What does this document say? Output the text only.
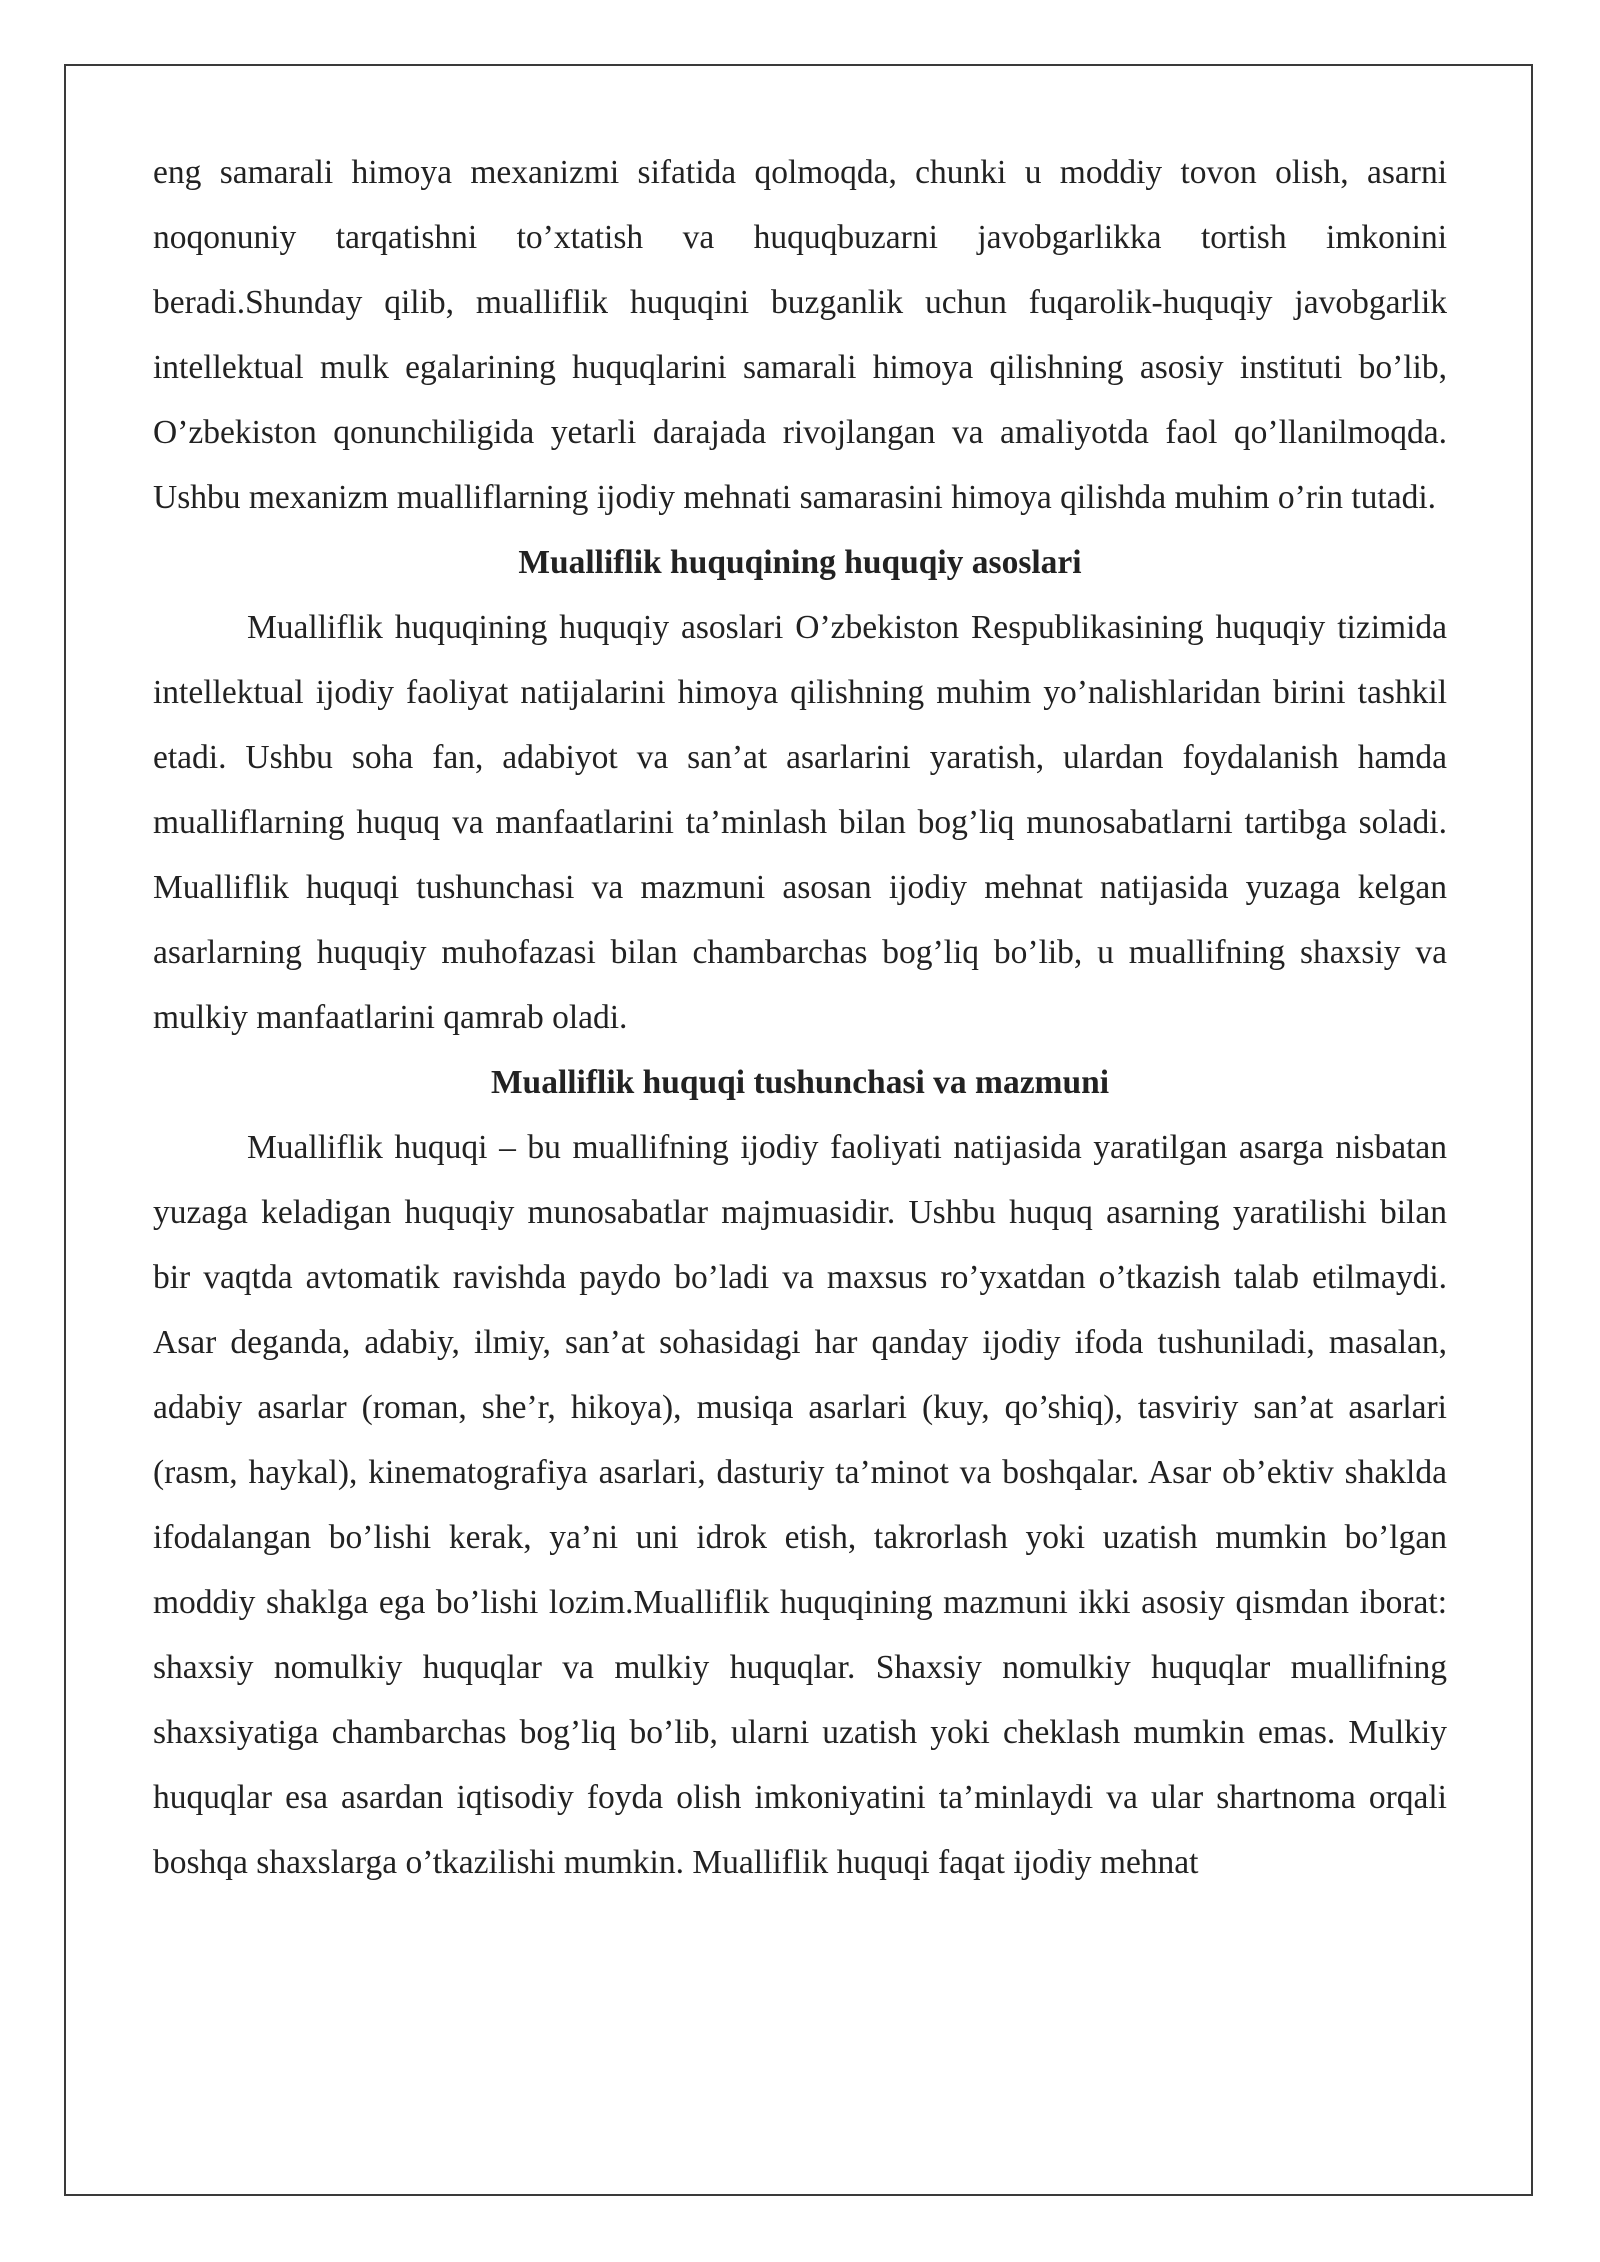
eng samarali himoya mexanizmi sifatida qolmoqda, chunki u moddiy tovon olish, asarni noqonuniy tarqatishni to’xtatish va huquqbuzarni javobgarlikka tortish imkonini beradi.Shunday qilib, mualliflik huquqini buzganlik uchun fuqarolik-huquqiy javobgarlik intellektual mulk egalarining huquqlarini samarali himoya qilishning asosiy instituti bo’lib, O’zbekiston qonunchiligida yetarli darajada rivojlangan va amaliyotda faol qo’llanilmoqda. Ushbu mexanizm mualliflarning ijodiy mehnati samarasini himoya qilishda muhim o’rin tutadi.

Mualliflik huquqining huquqiy asoslari

Mualliflik huquqining huquqiy asoslari O’zbekiston Respublikasining huquqiy tizimida intellektual ijodiy faoliyat natijalarini himoya qilishning muhim yo’nalishlaridan birini tashkil etadi. Ushbu soha fan, adabiyot va san’at asarlarini yaratish, ulardan foydalanish hamda mualliflarning huquq va manfaatlarini ta’minlash bilan bog’liq munosabatlarni tartibga soladi. Mualliflik huquqi tushunchasi va mazmuni asosan ijodiy mehnat natijasida yuzaga kelgan asarlarning huquqiy muhofazasi bilan chambarchas bog’liq bo’lib, u muallifning shaxsiy va mulkiy manfaatlarini qamrab oladi.

Mualliflik huquqi tushunchasi va mazmuni

Mualliflik huquqi – bu muallifning ijodiy faoliyati natijasida yaratilgan asarga nisbatan yuzaga keladigan huquqiy munosabatlar majmuasidir. Ushbu huquq asarning yaratilishi bilan bir vaqtda avtomatik ravishda paydo bo’ladi va maxsus ro’yxatdan o’tkazish talab etilmaydi. Asar deganda, adabiy, ilmiy, san’at sohasidagi har qanday ijodiy ifoda tushuniladi, masalan, adabiy asarlar (roman, she’r, hikoya), musiqa asarlari (kuy, qo’shiq), tasviriy san’at asarlari (rasm, haykal), kinematografiya asarlari, dasturiy ta’minot va boshqalar. Asar ob’ektiv shaklda ifodalangan bo’lishi kerak, ya’ni uni idrok etish, takrorlash yoki uzatish mumkin bo’lgan moddiy shaklga ega bo’lishi lozim.Mualliflik huquqining mazmuni ikki asosiy qismdan iborat: shaxsiy nomulkiy huquqlar va mulkiy huquqlar. Shaxsiy nomulkiy huquqlar muallifning shaxsiyatiga chambarchas bog’liq bo’lib, ularni uzatish yoki cheklash mumkin emas. Mulkiy huquqlar esa asardan iqtisodiy foyda olish imkoniyatini ta’minlaydi va ular shartnoma orqali boshqa shaxslarga o’tkazilishi mumkin. Mualliflik huquqi faqat ijodiy mehnat
